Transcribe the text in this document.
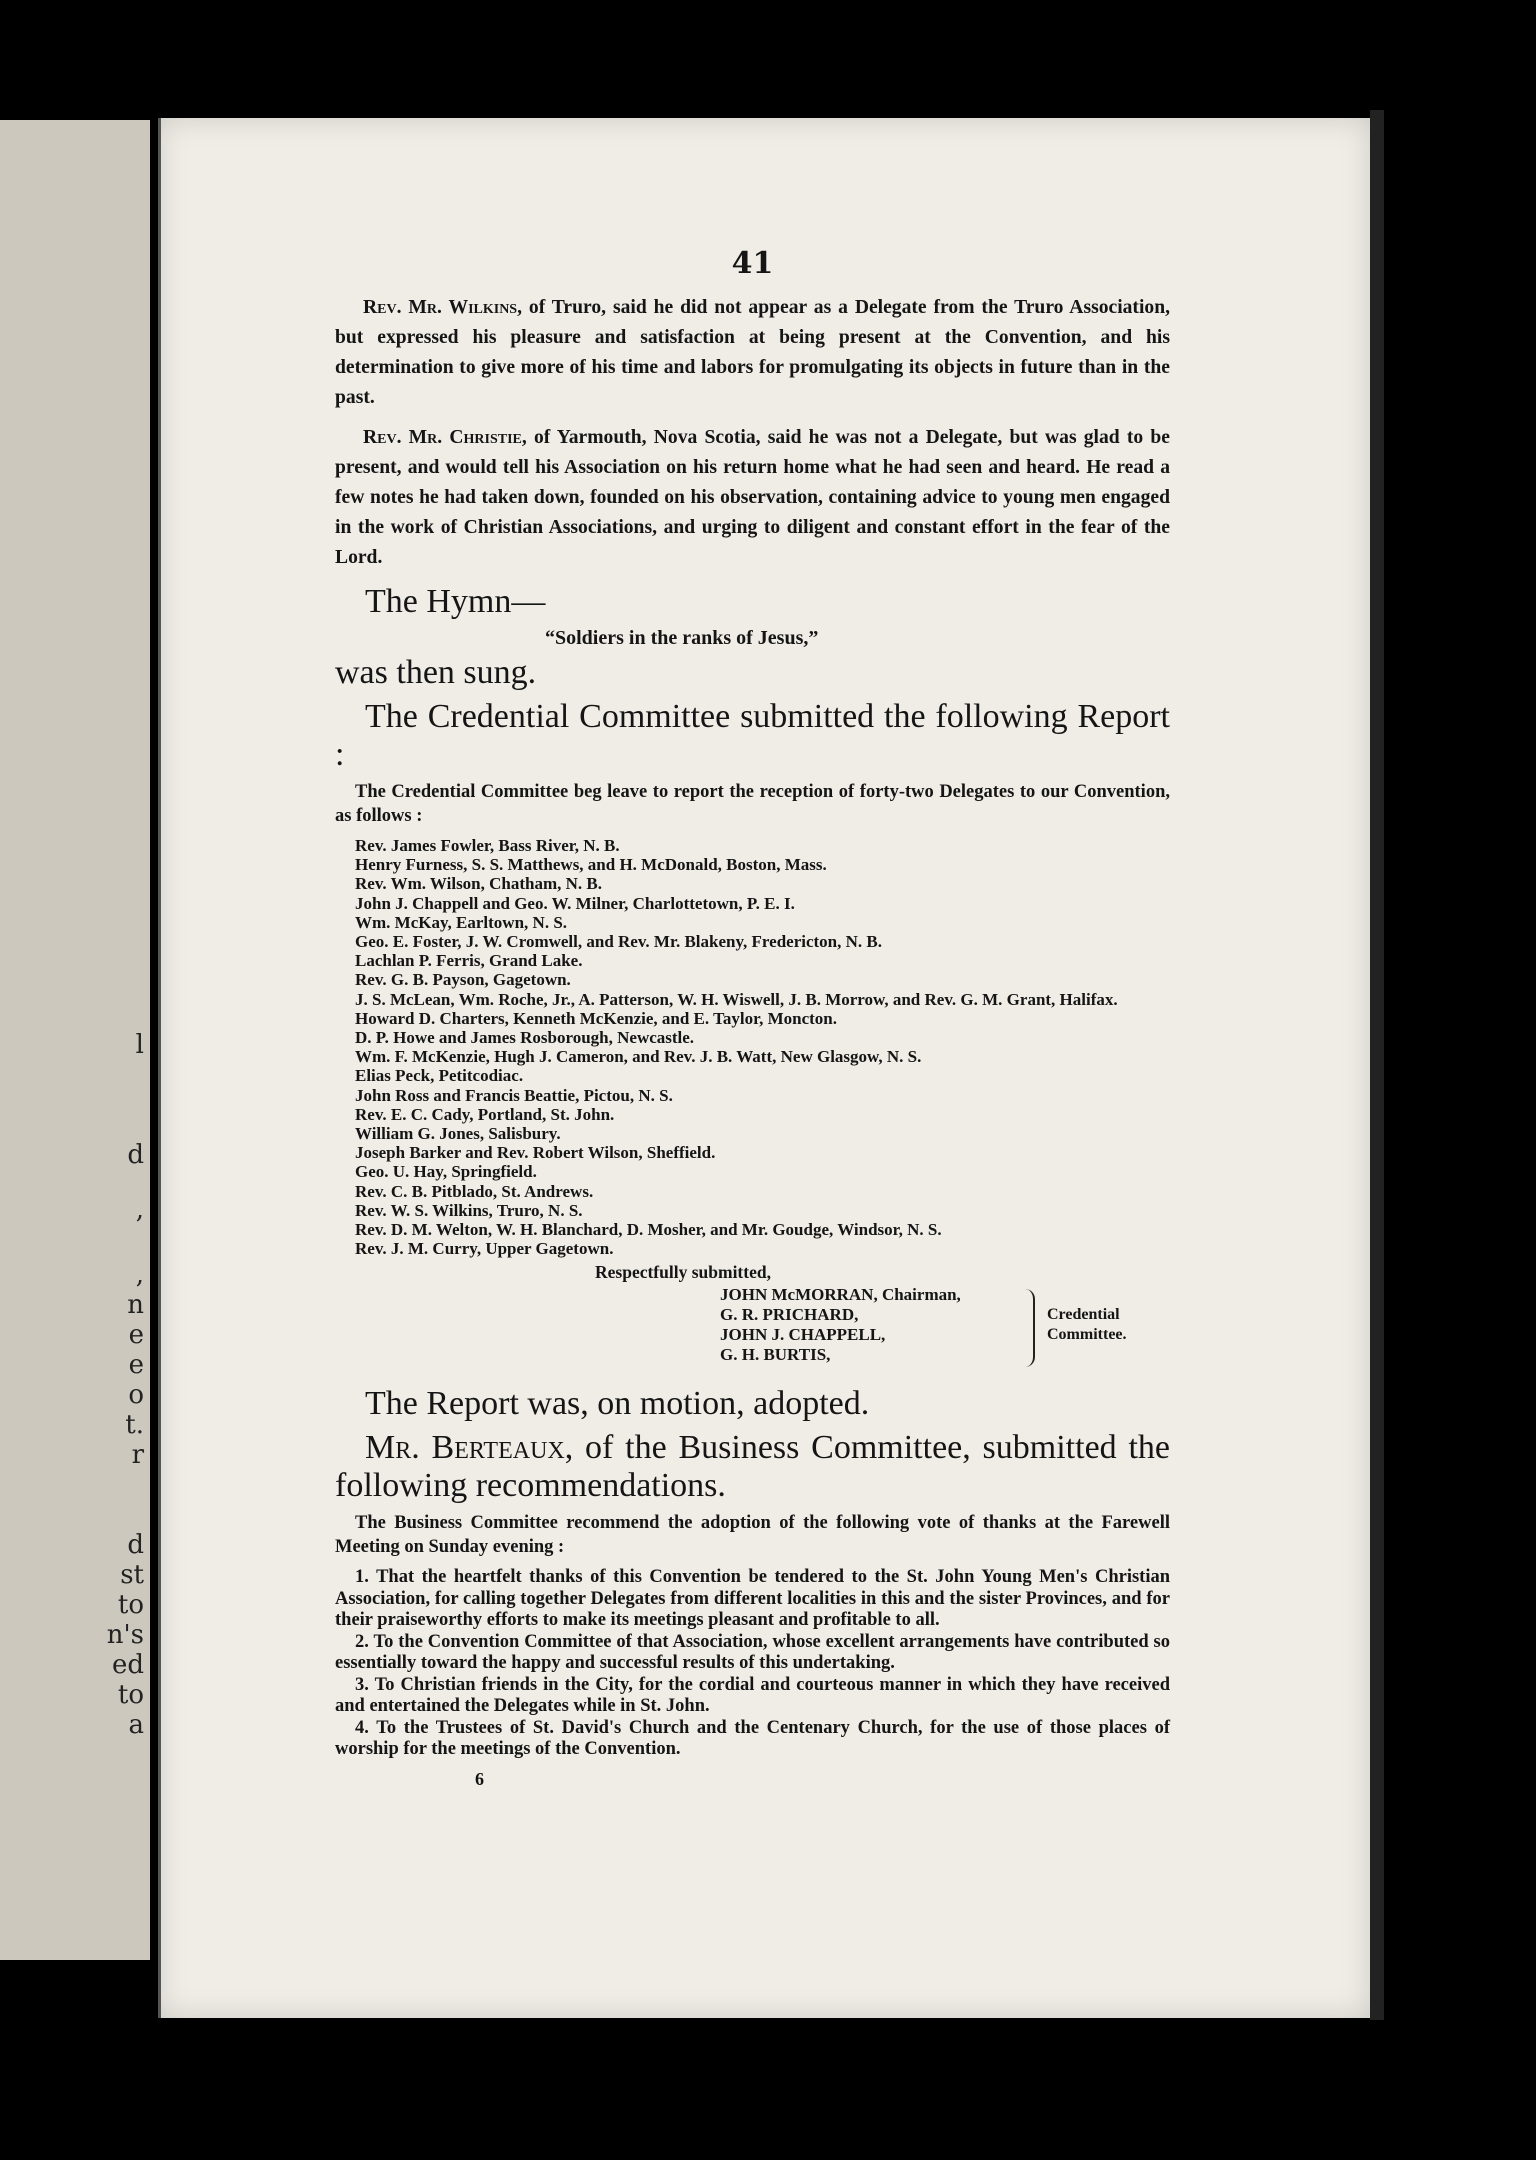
l
d
,
,
n
e
e
o
t.
r
d
st
to
n's
ed
to
a
41

Rev. Mr. Wilkins, of Truro, said he did not appear as a Delegate from the Truro Association, but expressed his pleasure and satisfaction at being present at the Convention, and his determination to give more of his time and labors for promulgating its objects in future than in the past.

Rev. Mr. Christie, of Yarmouth, Nova Scotia, said he was not a Delegate, but was glad to be present, and would tell his Association on his return home what he had seen and heard. He read a few notes he had taken down, founded on his observation, containing advice to young men engaged in the work of Christian Associations, and urging to diligent and constant effort in the fear of the Lord.

The Hymn—
“Soldiers in the ranks of Jesus,”
was then sung.
The Credential Committee submitted the following Report :

The Credential Committee beg leave to report the reception of forty-two Delegates to our Convention, as follows :

Rev. James Fowler, Bass River, N. B.
Henry Furness, S. S. Matthews, and H. McDonald, Boston, Mass.
Rev. Wm. Wilson, Chatham, N. B.
John J. Chappell and Geo. W. Milner, Charlottetown, P. E. I.
Wm. McKay, Earltown, N. S.
Geo. E. Foster, J. W. Cromwell, and Rev. Mr. Blakeny, Fredericton, N. B.
Lachlan P. Ferris, Grand Lake.
Rev. G. B. Payson, Gagetown.
J. S. McLean, Wm. Roche, Jr., A. Patterson, W. H. Wiswell, J. B. Morrow, and Rev. G. M. Grant, Halifax.
Howard D. Charters, Kenneth McKenzie, and E. Taylor, Moncton.
D. P. Howe and James Rosborough, Newcastle.
Wm. F. McKenzie, Hugh J. Cameron, and Rev. J. B. Watt, New Glasgow, N. S.
Elias Peck, Petitcodiac.
John Ross and Francis Beattie, Pictou, N. S.
Rev. E. C. Cady, Portland, St. John.
William G. Jones, Salisbury.
Joseph Barker and Rev. Robert Wilson, Sheffield.
Geo. U. Hay, Springfield.
Rev. C. B. Pitblado, St. Andrews.
Rev. W. S. Wilkins, Truro, N. S.
Rev. D. M. Welton, W. H. Blanchard, D. Mosher, and Mr. Goudge, Windsor, N. S.
Rev. J. M. Curry, Upper Gagetown.
Respectfully submitted,
JOHN McMORRAN, Chairman,
G. R. PRICHARD,
JOHN J. CHAPPELL,
G. H. BURTIS,
Credential
Committee.
The Report was, on motion, adopted.
Mr. Berteaux, of the Business Committee, submitted the following recommendations.

The Business Committee recommend the adoption of the following vote of thanks at the Farewell Meeting on Sunday evening :

1. That the heartfelt thanks of this Convention be tendered to the St. John Young Men's Christian Association, for calling together Delegates from different localities in this and the sister Provinces, and for their praiseworthy efforts to make its meetings pleasant and profitable to all.

2. To the Convention Committee of that Association, whose excellent arrangements have contributed so essentially toward the happy and successful results of this undertaking.

3. To Christian friends in the City, for the cordial and courteous manner in which they have received and entertained the Delegates while in St. John.

4. To the Trustees of St. David's Church and the Centenary Church, for the use of those places of worship for the meetings of the Convention.

6
